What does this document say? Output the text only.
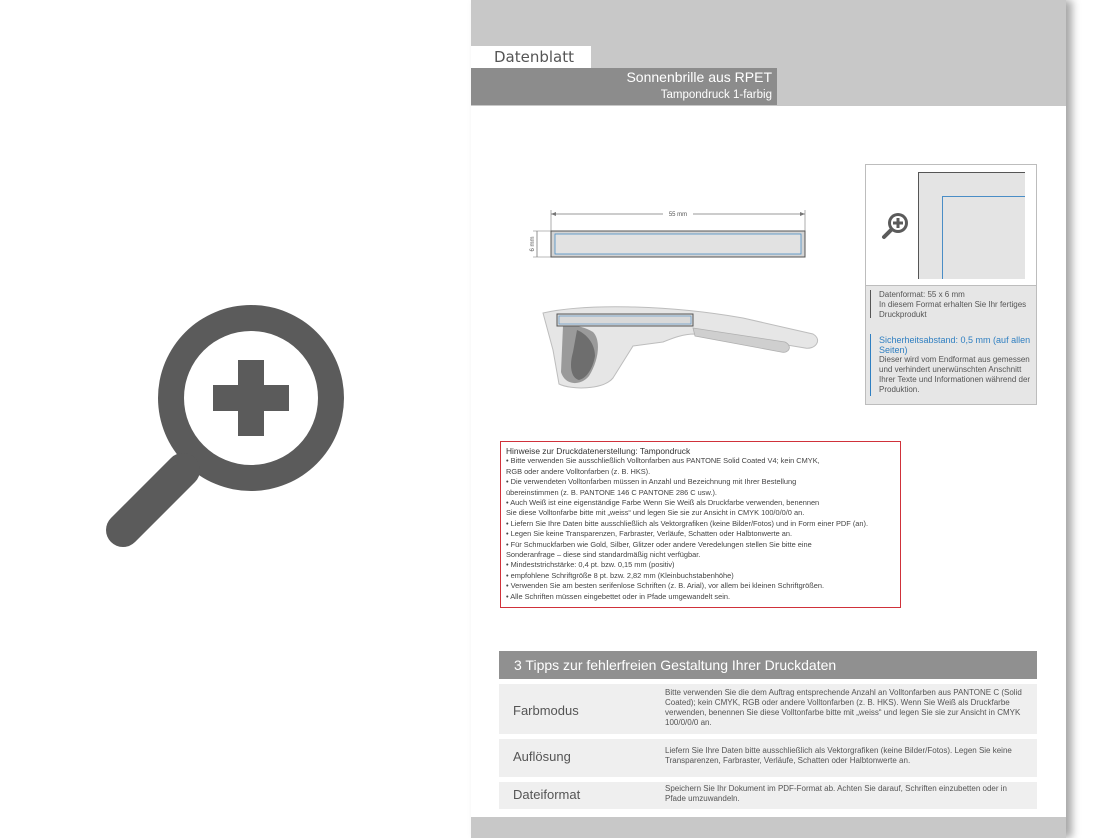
Datenblatt
Sonnenbrille aus RPET
Tampondruck 1-farbig
55 mm
6 mm

Datenformat: 55 x 6 mm

In diesem Format erhalten Sie Ihr fertiges Druckprodukt

Sicherheitsabstand: 0,5 mm (auf allen Seiten)

Dieser wird vom Endformat aus gemessen und verhindert unerwünschten Anschnitt Ihrer Texte und Informationen während der Produktion.

Hinweise zur Druckdatenerstellung: Tampondruck
• Bitte verwenden Sie ausschließlich Volltonfarben aus PANTONE Solid Coated V4; kein CMYK,
RGB oder andere Volltonfarben (z. B. HKS).
• Die verwendeten Volltonfarben müssen in Anzahl und Bezeichnung mit Ihrer Bestellung
übereinstimmen (z. B. PANTONE 146 C PANTONE 286 C usw.).
• Auch Weiß ist eine eigenständige Farbe Wenn Sie Weiß als Druckfarbe verwenden, benennen
Sie diese Volltonfarbe bitte mit „weiss“ und legen Sie sie zur Ansicht in CMYK 100/0/0/0 an.
• Liefern Sie Ihre Daten bitte ausschließlich als Vektorgrafiken (keine Bilder/Fotos) und in Form einer PDF (an).
• Legen Sie keine Transparenzen, Farbraster, Verläufe, Schatten oder Halbtonwerte an.
• Für Schmuckfarben wie Gold, Silber, Glitzer oder andere Veredelungen stellen Sie bitte eine
Sonderanfrage – diese sind standardmäßig nicht verfügbar.
• Mindeststrichstärke: 0,4 pt. bzw. 0,15 mm (positiv)
• empfohlene Schriftgröße 8 pt. bzw. 2,82 mm (Kleinbuchstabenhöhe)
• Verwenden Sie am besten serifenlose Schriften (z. B. Arial), vor allem bei kleinen Schriftgrößen.
• Alle Schriften müssen eingebettet oder in Pfade umgewandelt sein.
3 Tipps zur fehlerfreien Gestaltung Ihrer Druckdaten
Farbmodus
Bitte verwenden Sie die dem Auftrag entsprechende Anzahl an Volltonfarben aus PANTONE C (Solid Coated); kein CMYK, RGB oder andere Volltonfarben (z. B. HKS). Wenn Sie Weiß als Druckfarbe verwenden, benennen Sie diese Volltonfarbe bitte mit „weiss“ und legen Sie sie zur Ansicht in CMYK 100/0/0/0 an.
Auflösung	Liefern Sie Ihre Daten bitte ausschließlich als Vektorgrafiken (keine Bilder/Fotos). Legen Sie keine Transparenzen, Farbraster, Verläufe, Schatten oder Halbtonwerte an.
Dateiformat	Speichern Sie Ihr Dokument im PDF-Format ab. Achten Sie darauf, Schriften einzubetten oder in Pfade umzuwandeln.
